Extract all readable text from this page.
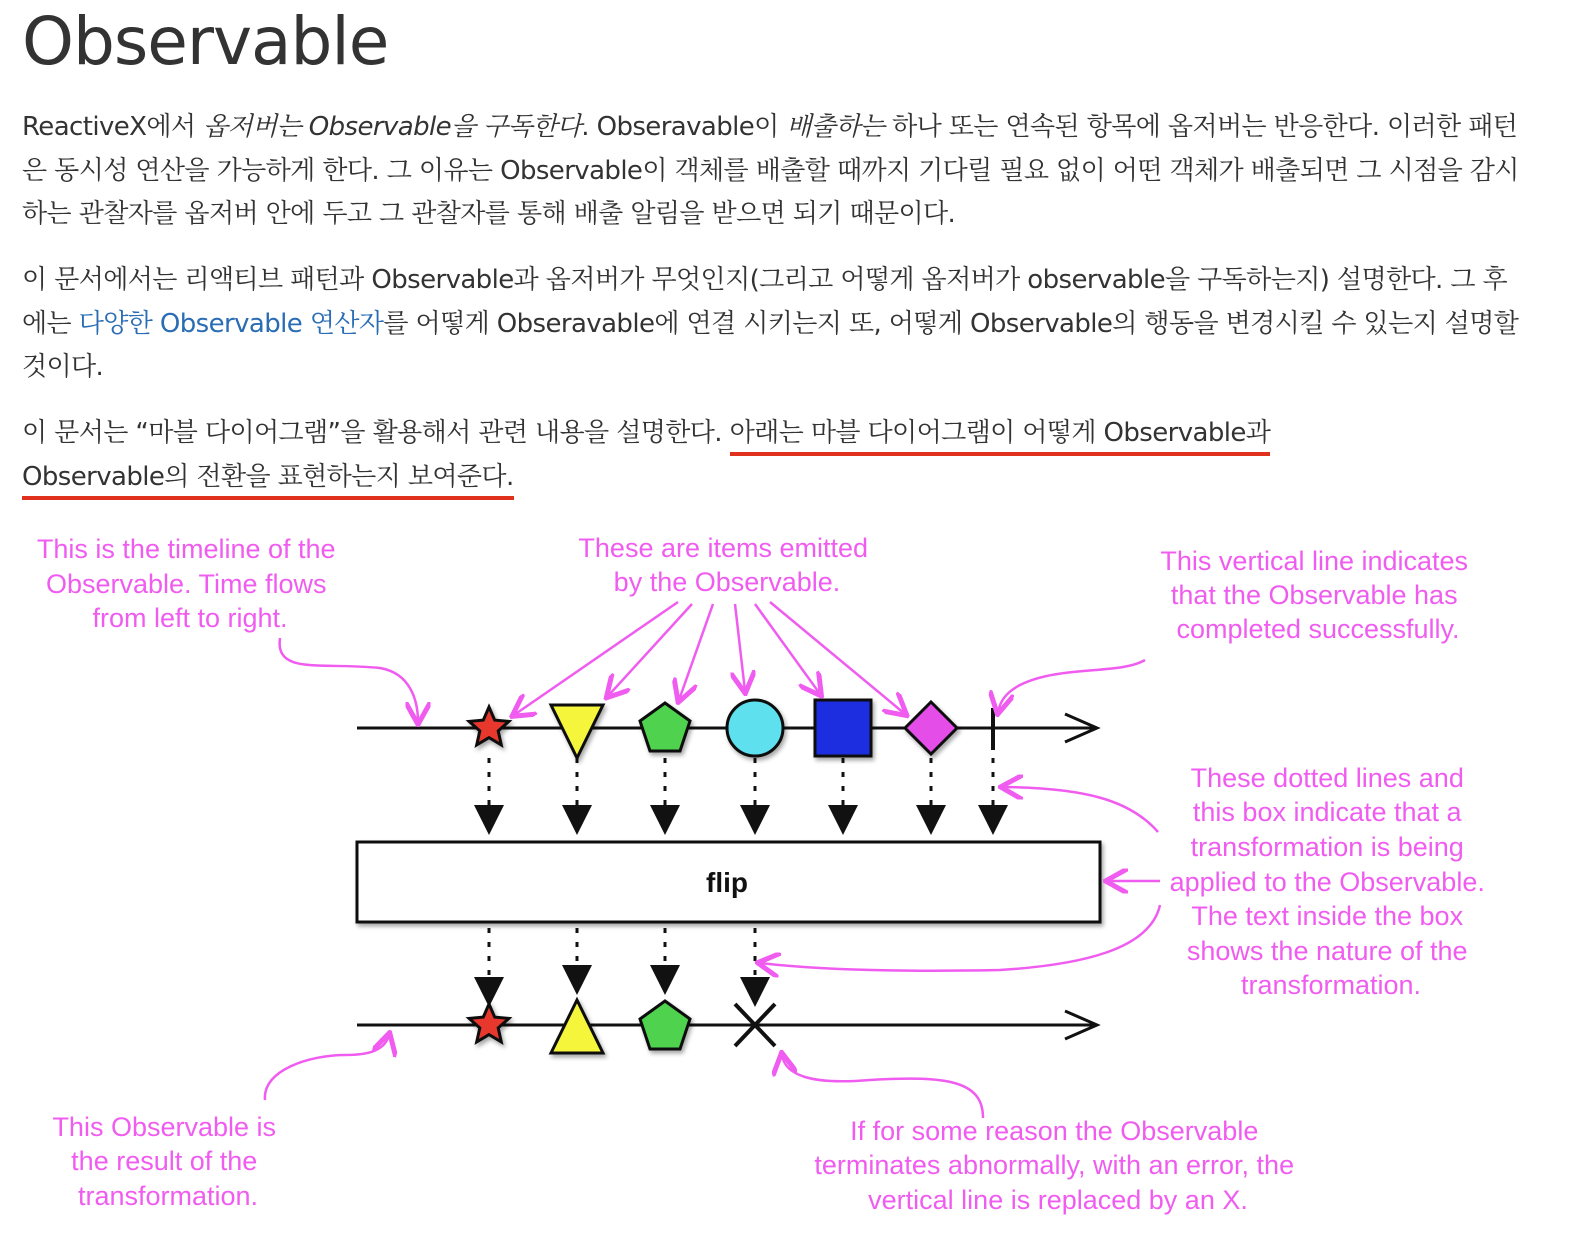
Observable

ReactiveX에서 옵저버는 Observable을 구독한다. Obseravable이 배출하는 하나 또는 연속된 항목에 옵저버는 반응한다. 이러한 패턴은 동시성 연산을 가능하게 한다. 그 이유는 Observable이 객체를 배출할 때까지 기다릴 필요 없이 어떤 객체가 배출되면 그 시점을 감시하는 관찰자를 옵저버 안에 두고 그 관찰자를 통해 배출 알림을 받으면 되기 때문이다.

이 문서에서는 리액티브 패턴과 Observable과 옵저버가 무엇인지(그리고 어떻게 옵저버가 observable을 구독하는지) 설명한다. 그 후에는 다양한 Observable 연산자를 어떻게 Obseravable에 연결 시키는지 또, 어떻게 Observable의 행동을 변경시킬 수 있는지 설명할 것이다.

이 문서는 “마블 다이어그램”을 활용해서 관련 내용을 설명한다. 아래는 마블 다이어그램이 어떻게 Observable과
Observable의 전환을 표현하는지 보여준다.

flip
This is the timeline of the Observable. Time flows from left to right.
These are items emitted by the Observable.
This vertical line indicates that the Observable has completed successfully.
These dotted lines and this box indicate that a transformation is being applied to the Observable. The text inside the box shows the nature of the transformation.
This Observable is the result of the transformation.
If for some reason the Observable terminates abnormally, with an error, the vertical line is replaced by an X.
